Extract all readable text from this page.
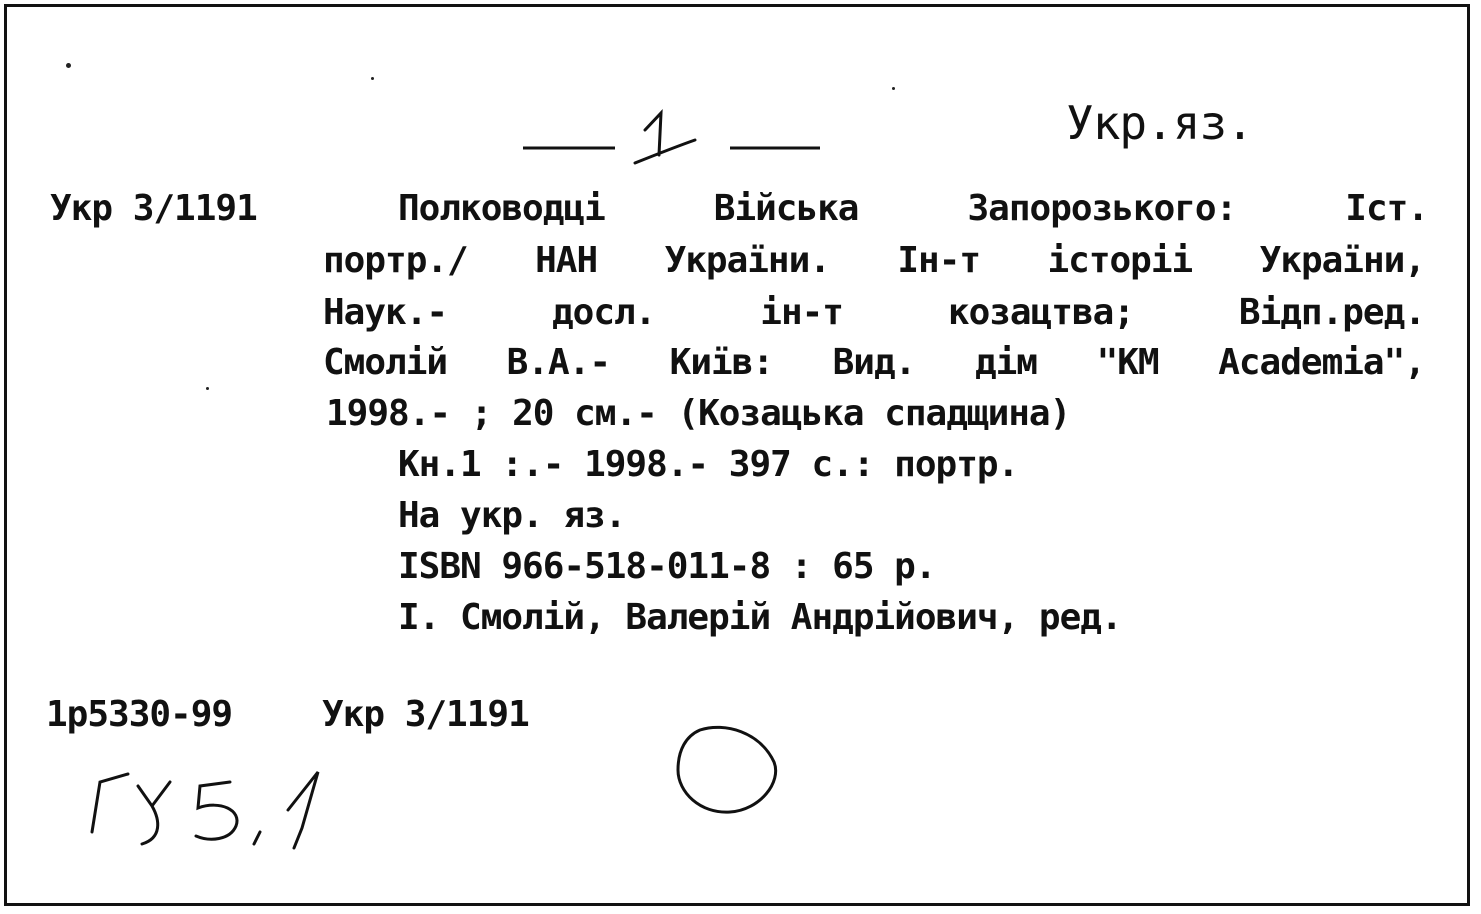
Укр.яз.
Укр 3/1191	Полководці	Війська	Запорозького:	Іст.
портр./ НАН України. Ін-т історіі України,
Наук.-	досл.	ін-т	козацтва;	Відп.ред.
Смолій В.А.- Київ: Вид. дім "КМ Academia",
1998.- ; 20 см.- (Козацька спадщина)
Кн.1 :.- 1998.- 397 с.: портр.
На укр. яз.
ISBN 966-518-011-8 : 65 р.
I. Смолій, Валерій Андрійович, ред.
1р5330-99 Укр 3/1191
